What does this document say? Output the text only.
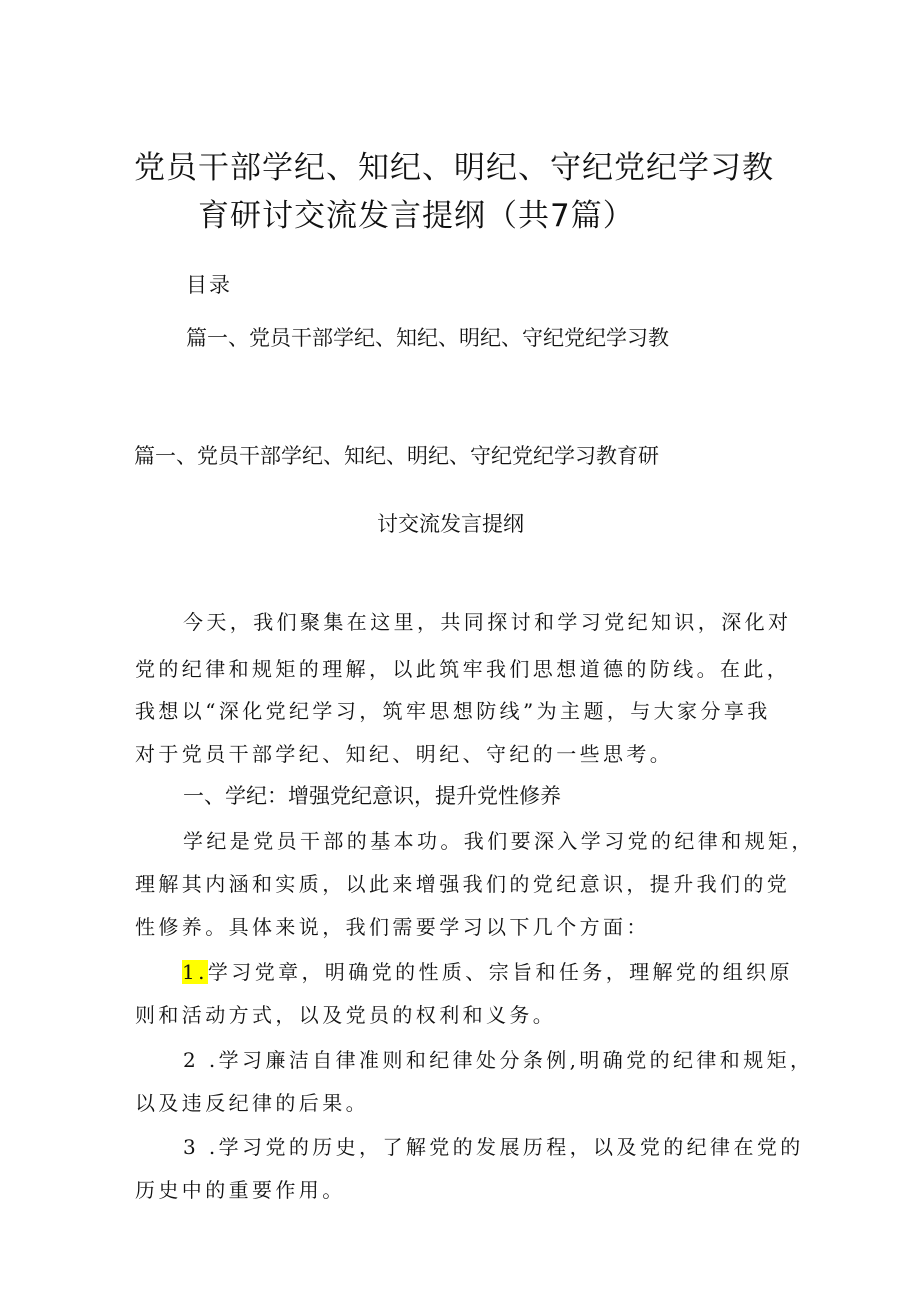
党员干部学纪、知纪、明纪、守纪党纪学习教
育研讨交流发言提纲（共7篇）
目录
篇一、党员干部学纪、知纪、明纪、守纪党纪学习教
篇一、党员干部学纪、知纪、明纪、守纪党纪学习教育研
讨交流发言提纲
今天，我们聚集在这里，共同探讨和学习党纪知识，深化对
党的纪律和规矩的理解，以此筑牢我们思想道德的防线。在此，
我想以“深化党纪学习，筑牢思想防线”为主题，与大家分享我
对于党员干部学纪、知纪、明纪、守纪的一些思考。
一、学纪：增强党纪意识，提升党性修养
学纪是党员干部的基本功。我们要深入学习党的纪律和规矩，
理解其内涵和实质，以此来增强我们的党纪意识，提升我们的党
性修养。具体来说，我们需要学习以下几个方面：
1.学习党章，明确党的性质、宗旨和任务，理解党的组织原
则和活动方式，以及党员的权利和义务。
2 .学习廉洁自律准则和纪律处分条例,明确党的纪律和规矩，
以及违反纪律的后果。
3 .学习党的历史，了解党的发展历程，以及党的纪律在党的
历史中的重要作用。
